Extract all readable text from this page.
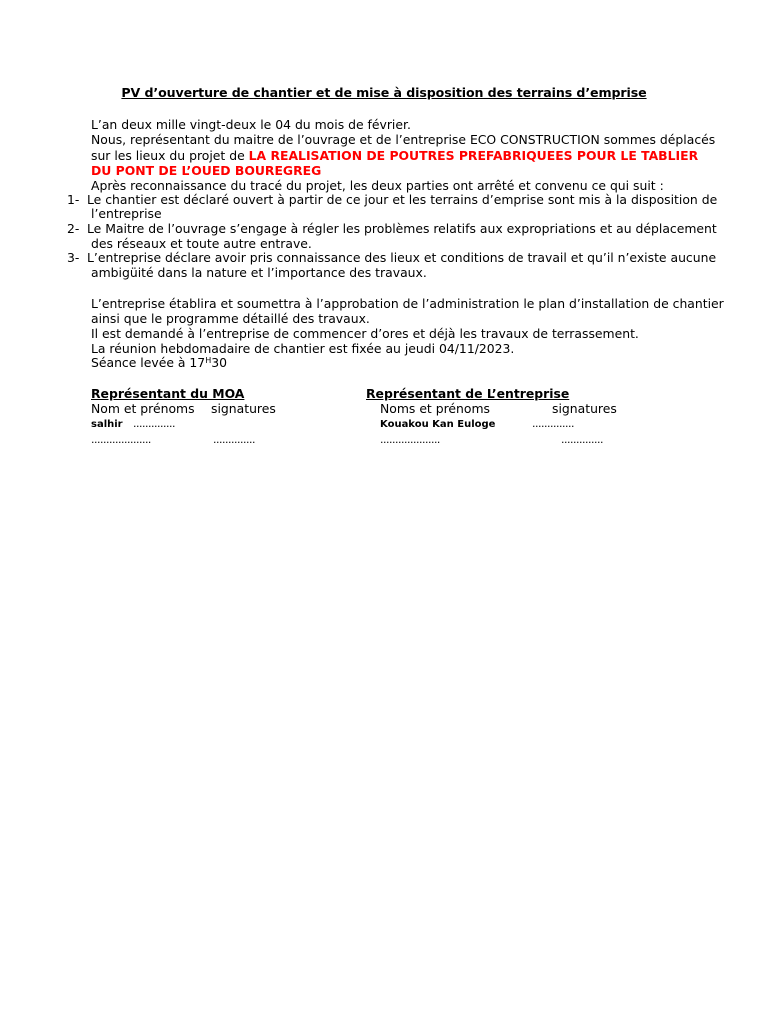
PV d’ouverture de chantier et de mise à disposition des terrains d’emprise
L’an deux mille vingt-deux le 04 du mois de février.
Nous, représentant du maitre de l’ouvrage et de l’entreprise ECO CONSTRUCTION sommes déplacés
sur les lieux du projet de LA REALISATION DE POUTRES PREFABRIQUEES POUR LE TABLIER
DU PONT DE L’OUED BOUREGREG
Après reconnaissance du tracé du projet, les deux parties ont arrêté et convenu ce qui suit :
1- Le chantier est déclaré ouvert à partir de ce jour et les terrains d’emprise sont mis à la disposition de
l’entreprise
2- Le Maitre de l’ouvrage s’engage à régler les problèmes relatifs aux expropriations et au déplacement
des réseaux et toute autre entrave.
3- L’entreprise déclare avoir pris connaissance des lieux et conditions de travail et qu’il n’existe aucune
ambigüité dans la nature et l’importance des travaux.
L’entreprise établira et soumettra à l’approbation de l’administration le plan d’installation de chantier
ainsi que le programme détaillé des travaux.
Il est demandé à l’entreprise de commencer d’ores et déjà les travaux de terrassement.
La réunion hebdomadaire de chantier est fixée au jeudi 04/11/2023.
Séance levée à $17^H30$
Représentant du MOA
Nom et prénoms signatures
salhir ..............
....................	..............
Représentant de L’entreprise
Noms et prénoms	signatures
Kouakou Kan Euloge	..............
....................	..............
